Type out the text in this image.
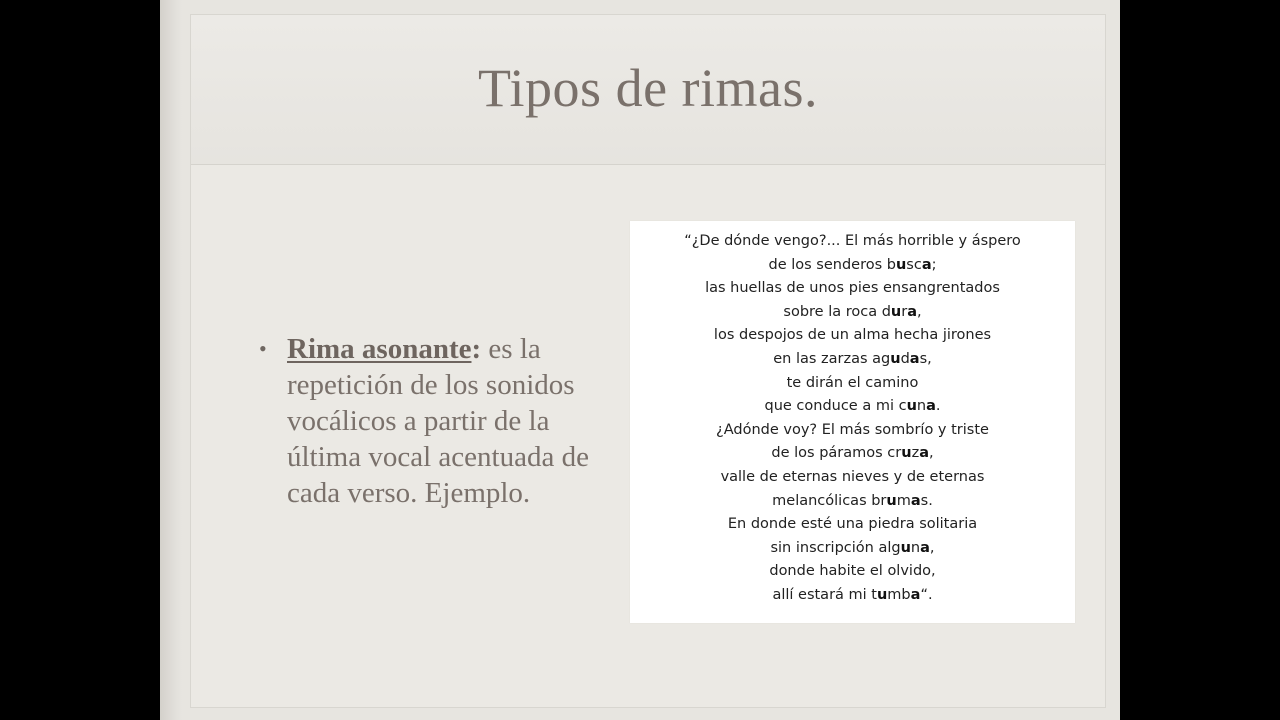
Tipos de rimas.
• Rima asonante: es la repetición de los sonidos vocálicos a partir de la última vocal acentuada de cada verso. Ejemplo.
“¿De dónde vengo?... El más horrible y áspero
de los senderos busca;
las huellas de unos pies ensangrentados
sobre la roca dura,
los despojos de un alma hecha jirones
en las zarzas agudas,
te dirán el camino
que conduce a mi cuna.
¿Adónde voy? El más sombrío y triste
de los páramos cruza,
valle de eternas nieves y de eternas
melancólicas brumas.
En donde esté una piedra solitaria
sin inscripción alguna,
donde habite el olvido,
allí estará mi tumba“.
